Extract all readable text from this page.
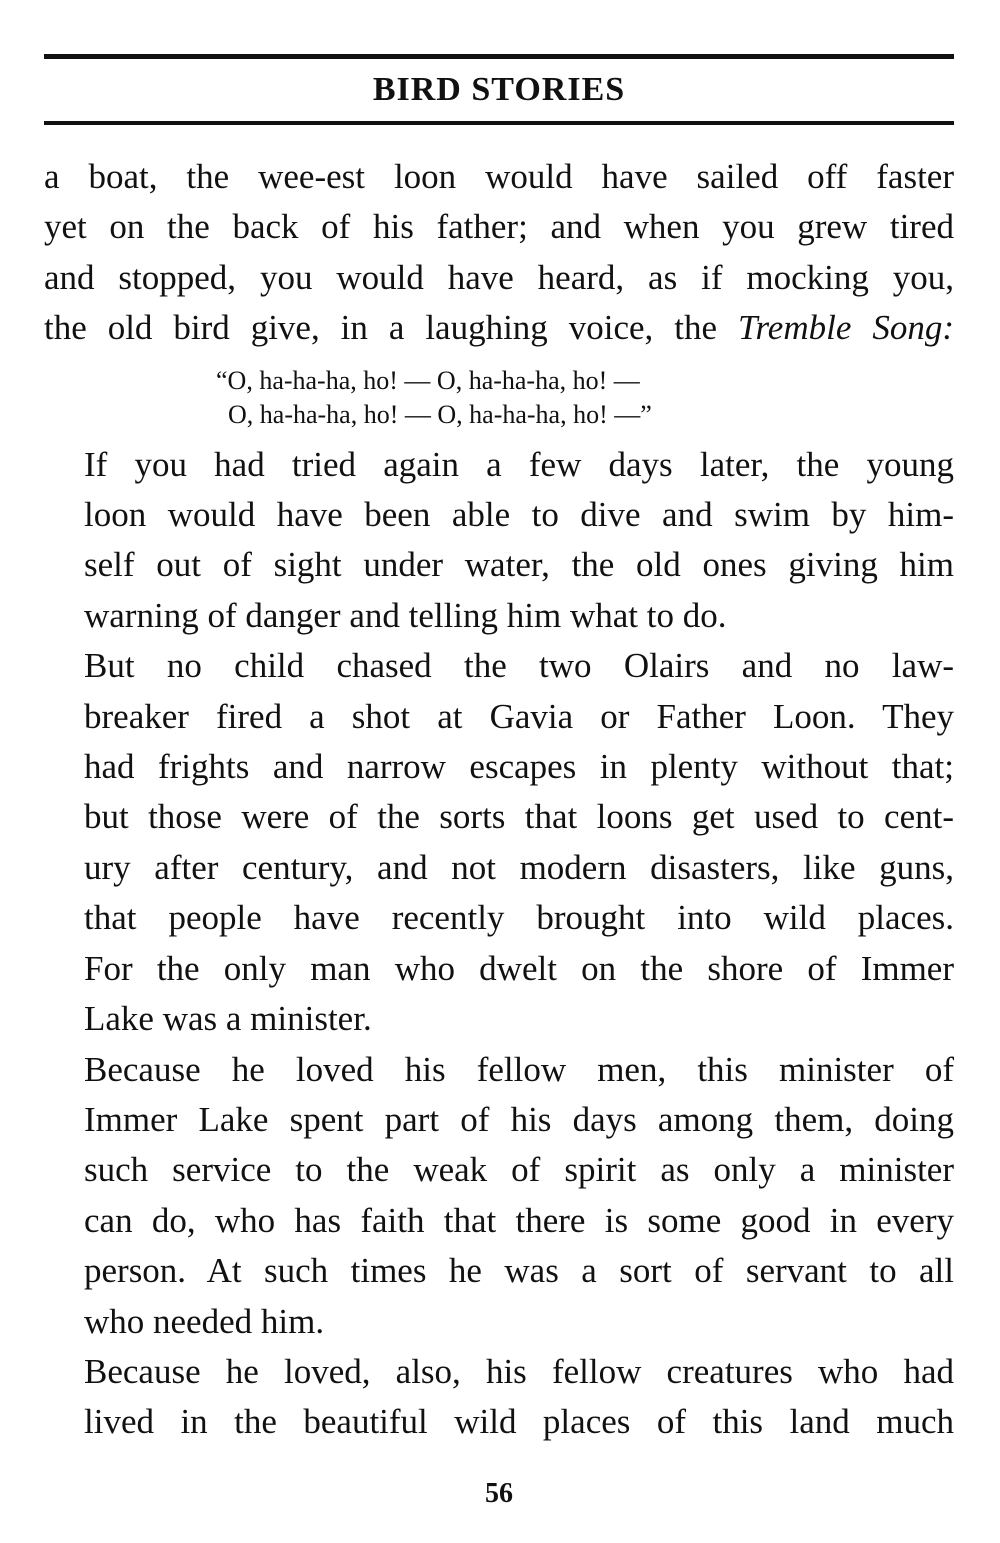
BIRD STORIES

a boat, the wee-est loon would have sailed off faster
yet on the back of his father; and when you grew tired
and stopped, you would have heard, as if mocking you,
the old bird give, in a laughing voice, the Tremble Song:

“O, ha-ha-ha, ho! — O, ha-ha-ha, ho! —
O, ha-ha-ha, ho! — O, ha-ha-ha, ho! —”

If you had tried again a few days later, the young
loon would have been able to dive and swim by him-
self out of sight under water, the old ones giving him
warning of danger and telling him what to do.

But no child chased the two Olairs and no law-
breaker fired a shot at Gavia or Father Loon. They
had frights and narrow escapes in plenty without that;
but those were of the sorts that loons get used to cent-
ury after century, and not modern disasters, like guns,
that people have recently brought into wild places.
For the only man who dwelt on the shore of Immer
Lake was a minister.

Because he loved his fellow men, this minister of
Immer Lake spent part of his days among them, doing
such service to the weak of spirit as only a minister
can do, who has faith that there is some good in every
person. At such times he was a sort of servant to all
who needed him.

Because he loved, also, his fellow creatures who had
lived in the beautiful wild places of this land much

56
